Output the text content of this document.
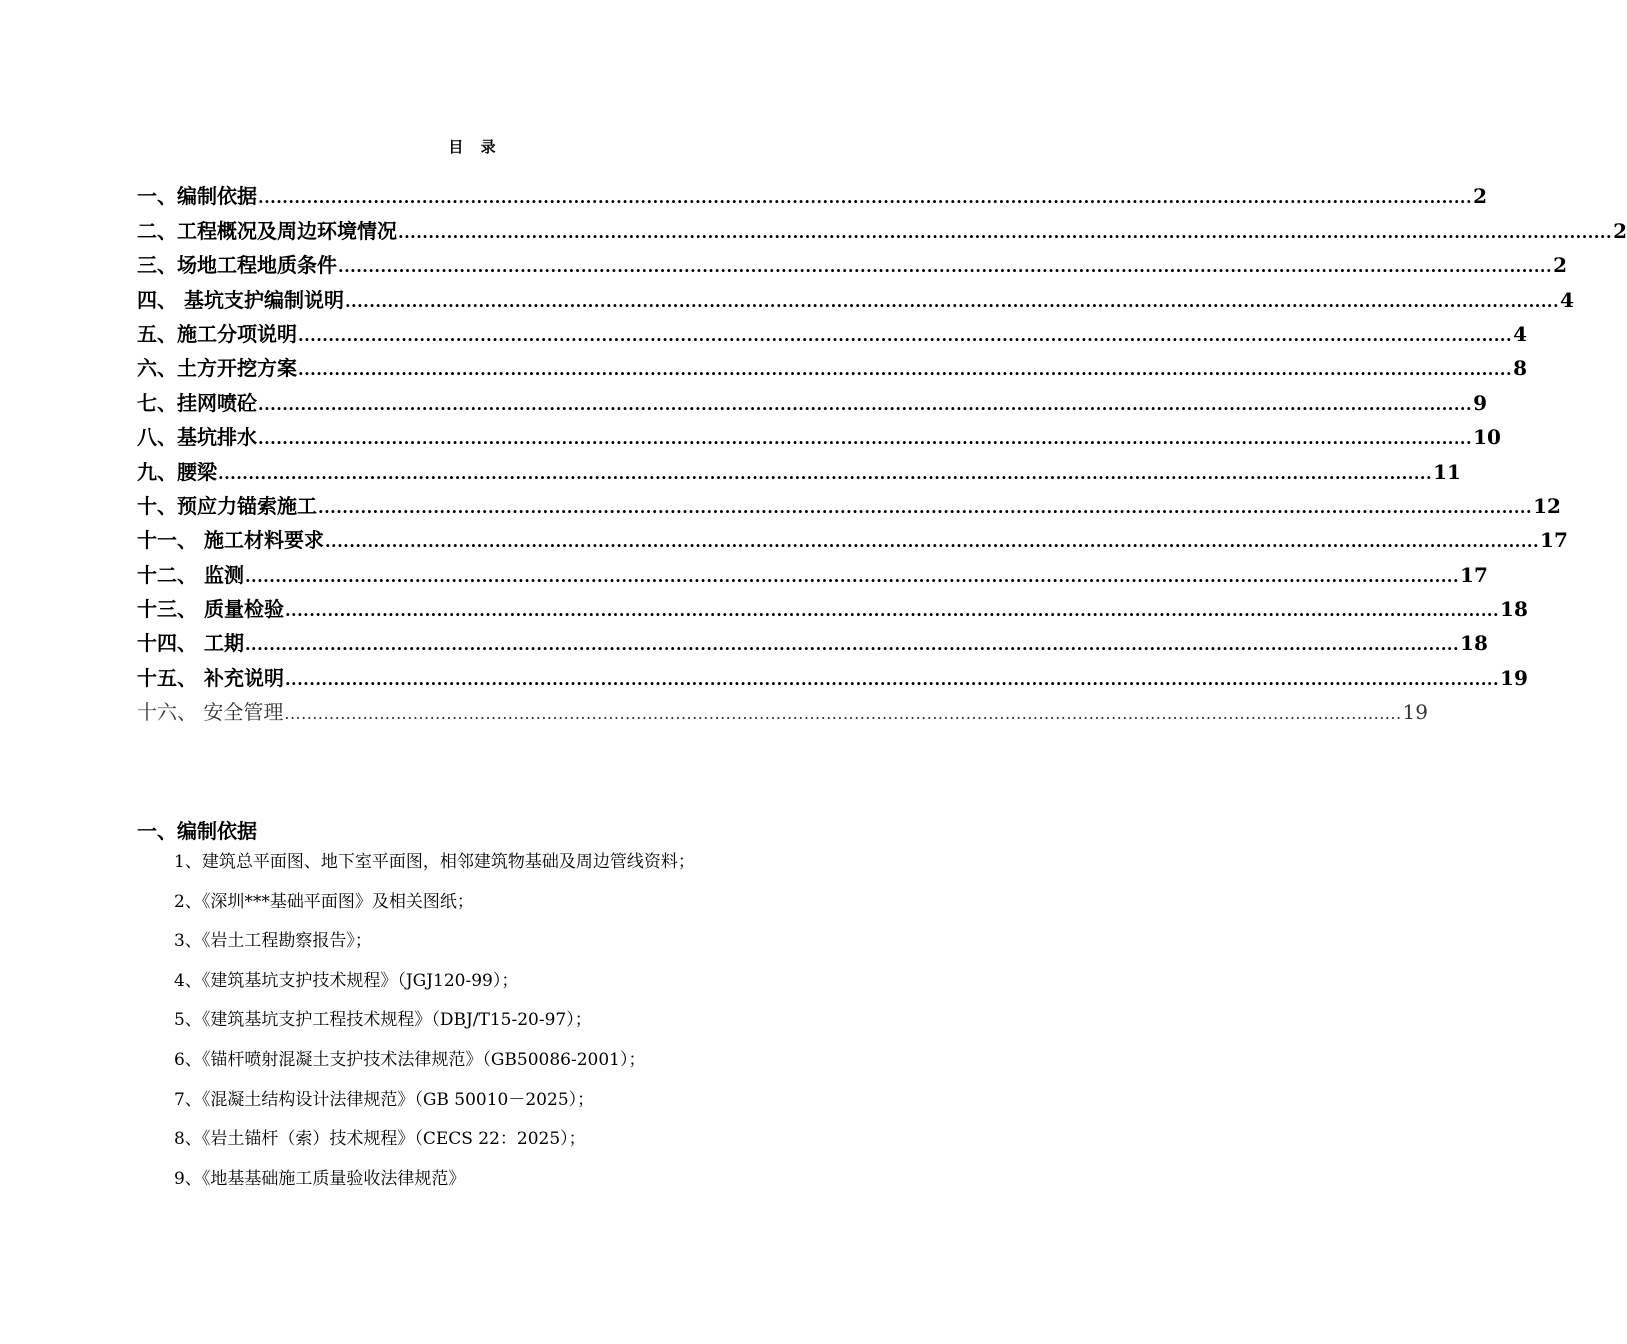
目 录
一、 编制依据 ........................................................................................................................................................................................................ 2
二、 工程概况及周边环境情况 ........................................................................................................................................................................................................ 2
三、 场地工程地质条件 ........................................................................................................................................................................................................ 2
四、 基坑支护编制说明 ........................................................................................................................................................................................................ 4
五、 施工分项说明 ........................................................................................................................................................................................................ 4
六、 土方开挖方案 ........................................................................................................................................................................................................ 8
七、 挂网喷砼 ........................................................................................................................................................................................................ 9
八、 基坑排水 ........................................................................................................................................................................................................ 10
九、 腰梁 ........................................................................................................................................................................................................ 11
十、 预应力锚索施工 ........................................................................................................................................................................................................ 12
十一、 施工材料要求 ........................................................................................................................................................................................................ 17
十二、 监测 ........................................................................................................................................................................................................ 17
十三、 质量检验 ........................................................................................................................................................................................................ 18
十四、 工期 ........................................................................................................................................................................................................ 18
十五、 补充说明 ........................................................................................................................................................................................................ 19
十六、 安全管理 ........................................................................................................................................................................................................ 19
一、编制依据
1、建筑总平面图、地下室平面图，相邻建筑物基础及周边管线资料；
2、《深圳***基础平面图》及相关图纸；
3、《岩土工程勘察报告》；
4、《建筑基坑支护技术规程》（JGJ120-99）；
5、《建筑基坑支护工程技术规程》（DBJ/T15-20-97）；
6、《锚杆喷射混凝土支护技术法律规范》（GB50086-2001）；
7、《混凝土结构设计法律规范》（GB 50010－2025）；
8、《岩土锚杆（索）技术规程》（CECS 22：2025）；
9、《地基基础施工质量验收法律规范》
